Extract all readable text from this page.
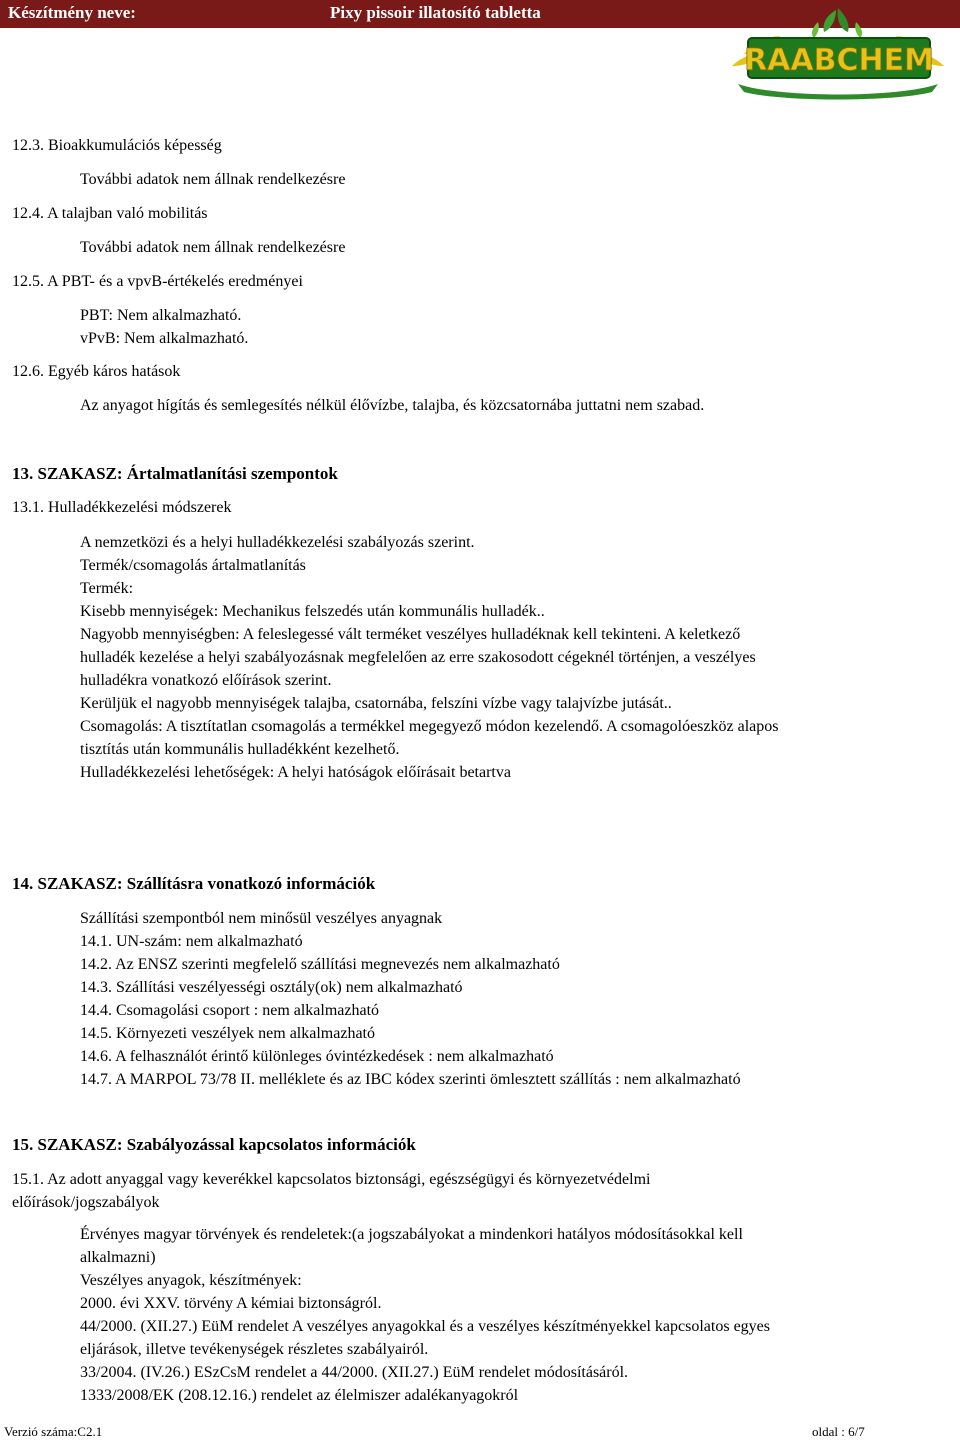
Készítmény neve:	Pixy pissoir illatosító tabletta
RAABCHEM
12.3. Bioakkumulációs képesség
További adatok nem állnak rendelkezésre
12.4. A talajban való mobilitás
További adatok nem állnak rendelkezésre
12.5. A PBT- és a vpvB-értékelés eredményei
PBT: Nem alkalmazható.
vPvB: Nem alkalmazható.
12.6. Egyéb káros hatások
Az anyagot hígítás és semlegesítés nélkül élővízbe, talajba, és közcsatornába juttatni nem szabad.
13. SZAKASZ: Ártalmatlanítási szempontok
13.1. Hulladékkezelési módszerek

A nemzetközi és a helyi hulladékkezelési szabályozás szerint.

Termék/csomagolás ártalmatlanítás

Termék:

Kisebb mennyiségek: Mechanikus felszedés után kommunális hulladék..

Nagyobb mennyiségben: A feleslegessé vált terméket veszélyes hulladéknak kell tekinteni. A keletkező

hulladék kezelése a helyi szabályozásnak megfelelően az erre szakosodott cégeknél történjen, a veszélyes

hulladékra vonatkozó előírások szerint.

Kerüljük el nagyobb mennyiségek talajba, csatornába, felszíni vízbe vagy talajvízbe jutását..

Csomagolás: A tisztítatlan csomagolás a termékkel megegyező módon kezelendő. A csomagolóeszköz alapos

tisztítás után kommunális hulladékként kezelhető.

Hulladékkezelési lehetőségek: A helyi hatóságok előírásait betartva

14. SZAKASZ: Szállításra vonatkozó információk

Szállítási szempontból nem minősül veszélyes anyagnak

14.1. UN-szám: nem alkalmazható

14.2. Az ENSZ szerinti megfelelő szállítási megnevezés nem alkalmazható

14.3. Szállítási veszélyességi osztály(ok) nem alkalmazható

14.4. Csomagolási csoport : nem alkalmazható

14.5. Környezeti veszélyek nem alkalmazható

14.6. A felhasználót érintő különleges óvintézkedések : nem alkalmazható

14.7. A MARPOL 73/78 II. melléklete és az IBC kódex szerinti ömlesztett szállítás : nem alkalmazható

15. SZAKASZ: Szabályozással kapcsolatos információk

15.1. Az adott anyaggal vagy keverékkel kapcsolatos biztonsági, egészségügyi és környezetvédelmi

előírások/jogszabályok

Érvényes magyar törvények és rendeletek:(a jogszabályokat a mindenkori hatályos módosításokkal kell

alkalmazni)

Veszélyes anyagok, készítmények:

2000. évi XXV. törvény A kémiai biztonságról.

44/2000. (XII.27.) EüM rendelet A veszélyes anyagokkal és a veszélyes készítményekkel kapcsolatos egyes

eljárások, illetve tevékenységek részletes szabályairól.

33/2004. (IV.26.) ESzCsM rendelet a 44/2000. (XII.27.) EüM rendelet módosításáról.

1333/2008/EK (208.12.16.) rendelet az élelmiszer adalékanyagokról

Verzió száma:C2.1	oldal : 6/7
